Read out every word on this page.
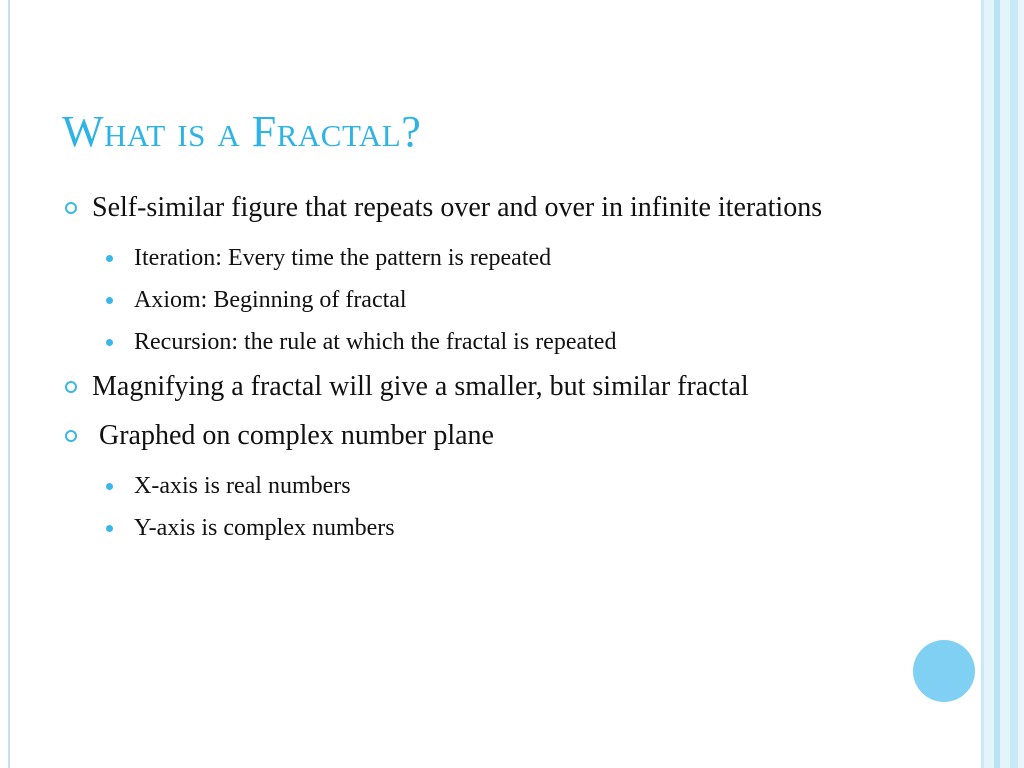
What is a Fractal?
Self-similar figure that repeats over and over in infinite iterations
Iteration: Every time the pattern is repeated
Axiom: Beginning of fractal
Recursion: the rule at which the fractal is repeated
Magnifying a fractal will give a smaller, but similar fractal
Graphed on complex number plane
X-axis is real numbers
Y-axis is complex numbers
